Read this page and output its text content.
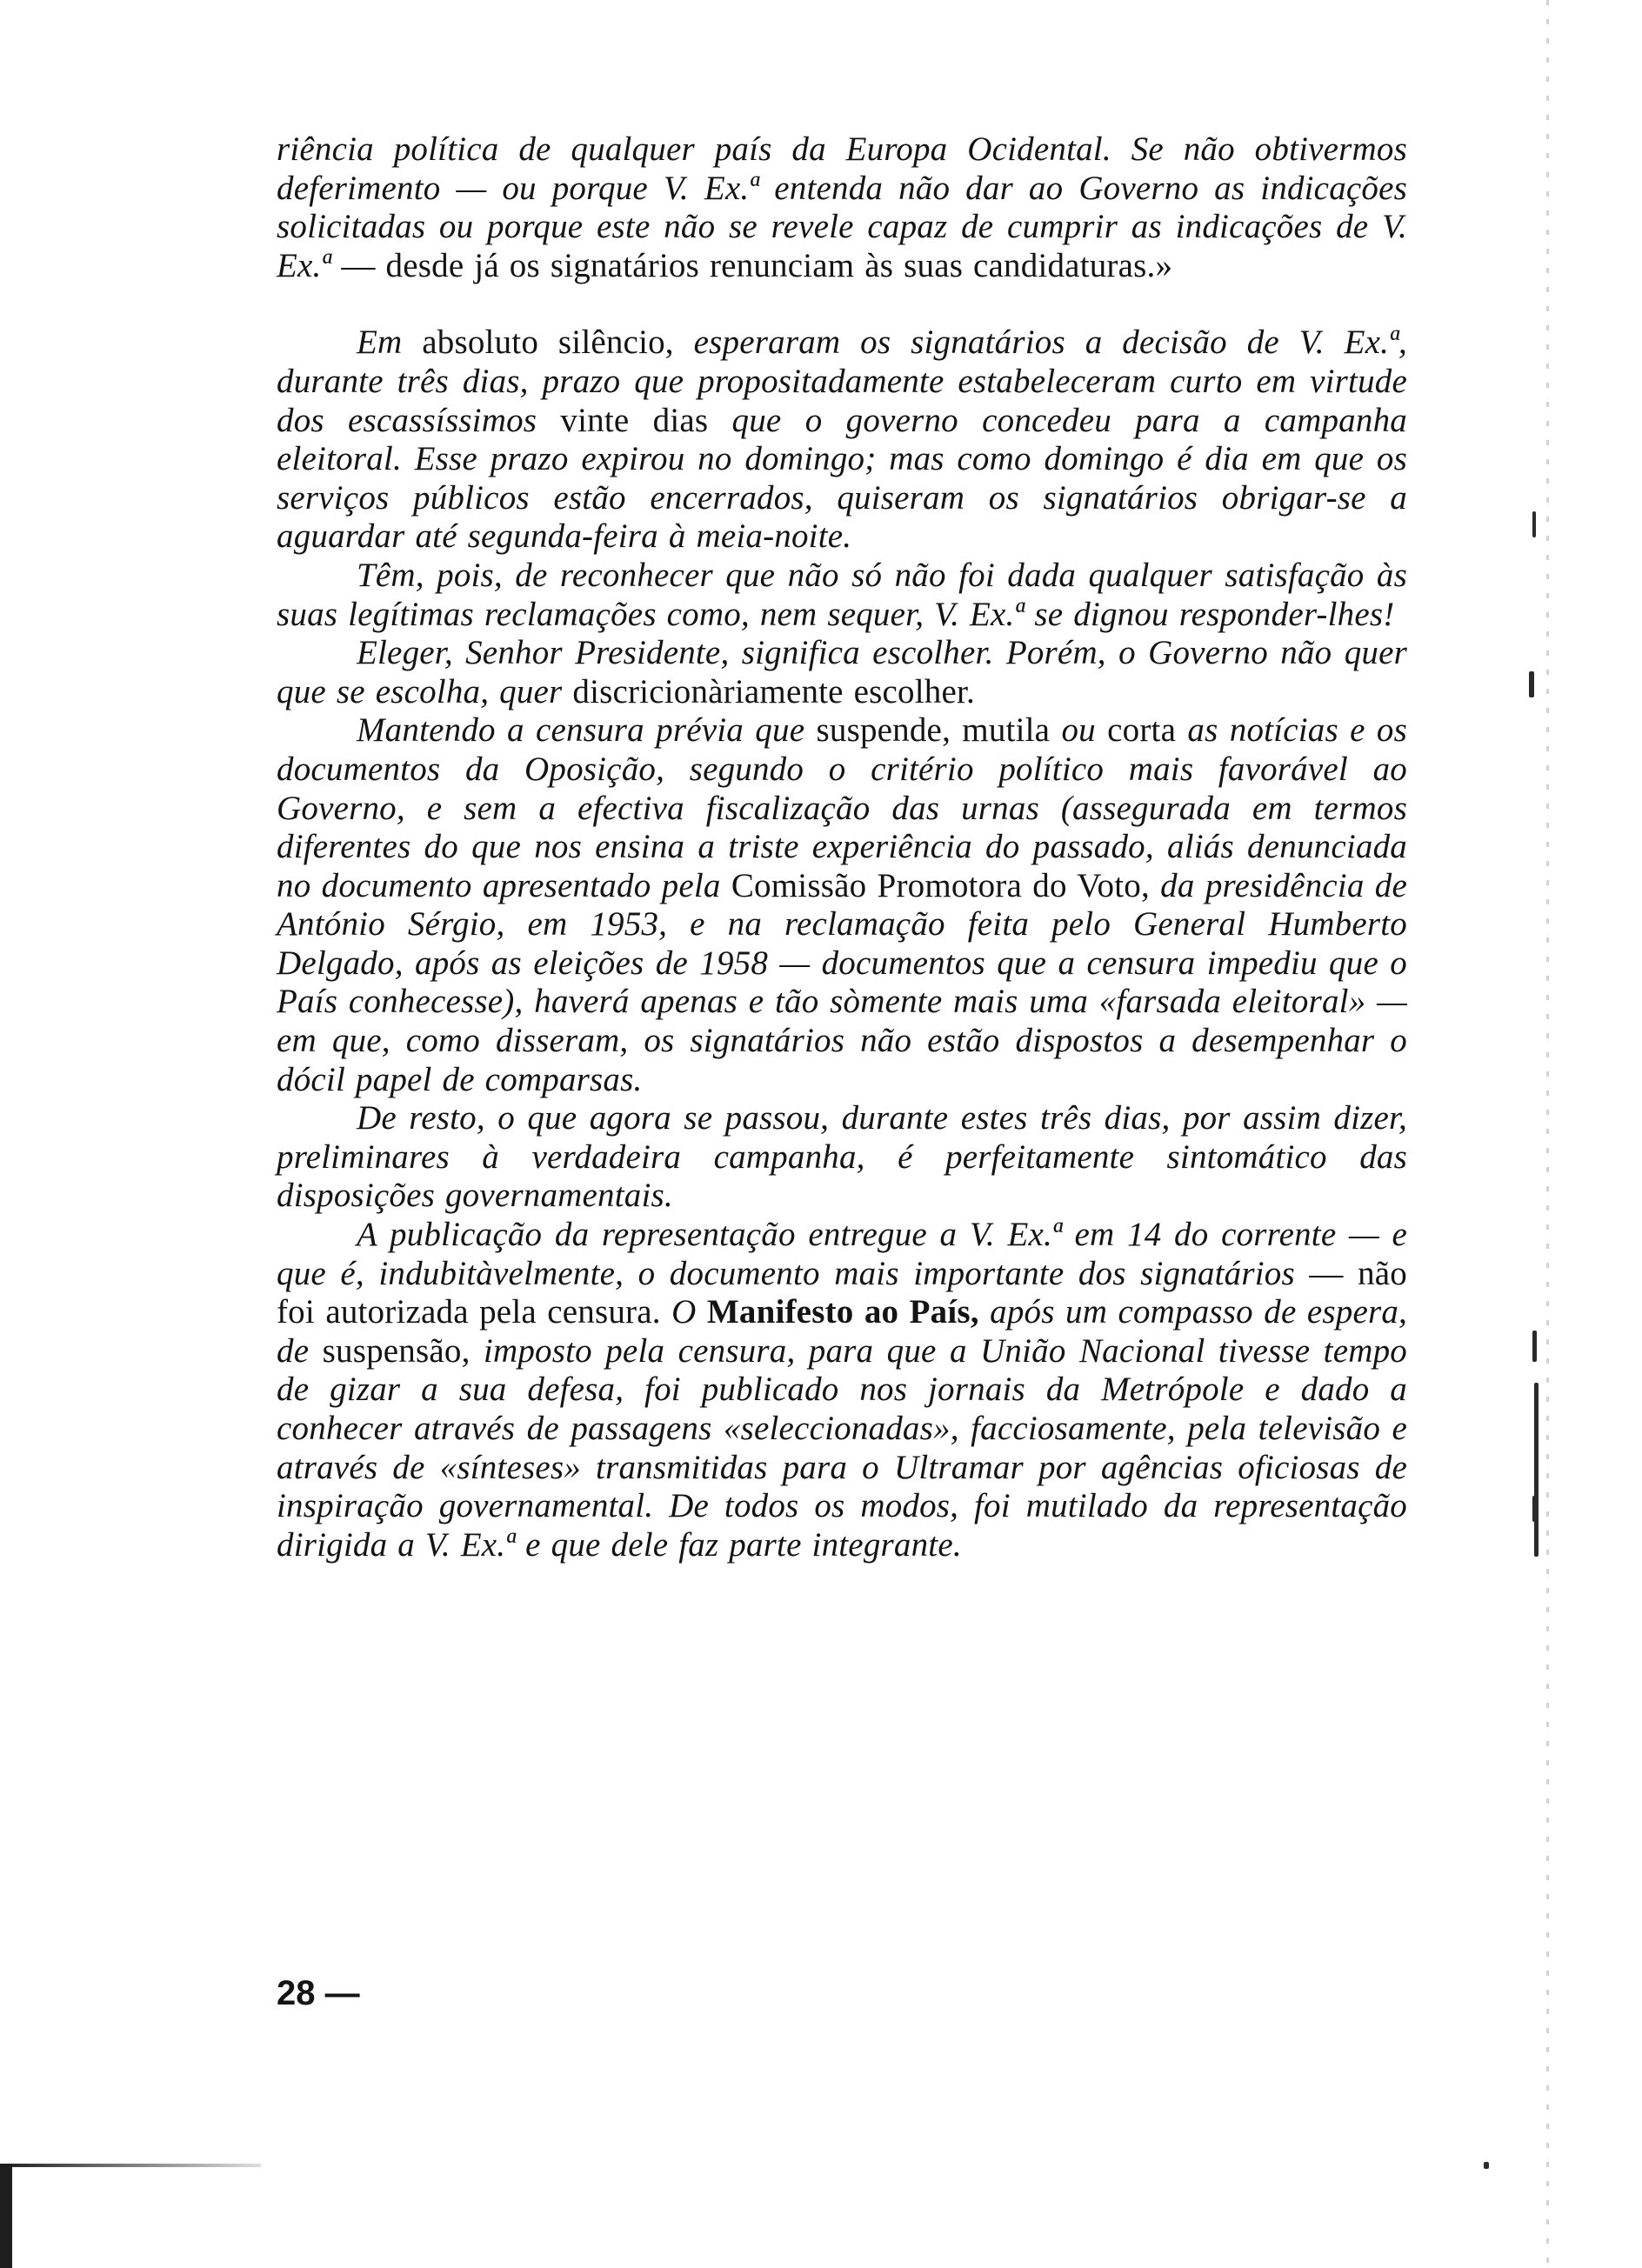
riência política de qualquer país da Europa Ocidental. Se não obtivermos deferimento — ou porque V. Ex.ª entenda não dar ao Governo as indicações solicitadas ou porque este não se revele capaz de cumprir as indicações de V. Ex.ª — desde já os signatários renunciam às suas candidaturas.»

Em absoluto silêncio, esperaram os signatários a decisão de V. Ex.ª, durante três dias, prazo que propositadamente estabeleceram curto em virtude dos escassíssimos vinte dias que o governo concedeu para a campanha eleitoral. Esse prazo expirou no domingo; mas como domingo é dia em que os serviços públicos estão encerrados, quiseram os signatários obrigar-se a aguardar até segunda-feira à meia-noite.

Têm, pois, de reconhecer que não só não foi dada qualquer satisfação às suas legítimas reclamações como, nem sequer, V. Ex.ª se dignou responder-lhes!

Eleger, Senhor Presidente, significa escolher. Porém, o Governo não quer que se escolha, quer discricionàriamente escolher.

Mantendo a censura prévia que suspende, mutila ou corta as notícias e os documentos da Oposição, segundo o critério político mais favorável ao Governo, e sem a efectiva fiscalização das urnas (assegurada em termos diferentes do que nos ensina a triste experiência do passado, aliás denunciada no documento apresentado pela Comissão Promotora do Voto, da presidência de António Sérgio, em 1953, e na reclamação feita pelo General Humberto Delgado, após as eleições de 1958 — documentos que a censura impediu que o País conhecesse), haverá apenas e tão sòmente mais uma «farsada eleitoral» — em que, como disseram, os signatários não estão dispostos a desempenhar o dócil papel de comparsas.

De resto, o que agora se passou, durante estes três dias, por assim dizer, preliminares à verdadeira campanha, é perfeitamente sintomático das disposições governamentais.

A publicação da representação entregue a V. Ex.ª em 14 do corrente — e que é, indubitàvelmente, o documento mais importante dos signatários — não foi autorizada pela censura. O Manifesto ao País, após um compasso de espera, de suspensão, imposto pela censura, para que a União Nacional tivesse tempo de gizar a sua defesa, foi publicado nos jornais da Metrópole e dado a conhecer através de passagens «seleccionadas», facciosamente, pela televisão e através de «sínteses» transmitidas para o Ultramar por agências oficiosas de inspiração governamental. De todos os modos, foi mutilado da representação dirigida a V. Ex.ª e que dele faz parte integrante.

28 —
